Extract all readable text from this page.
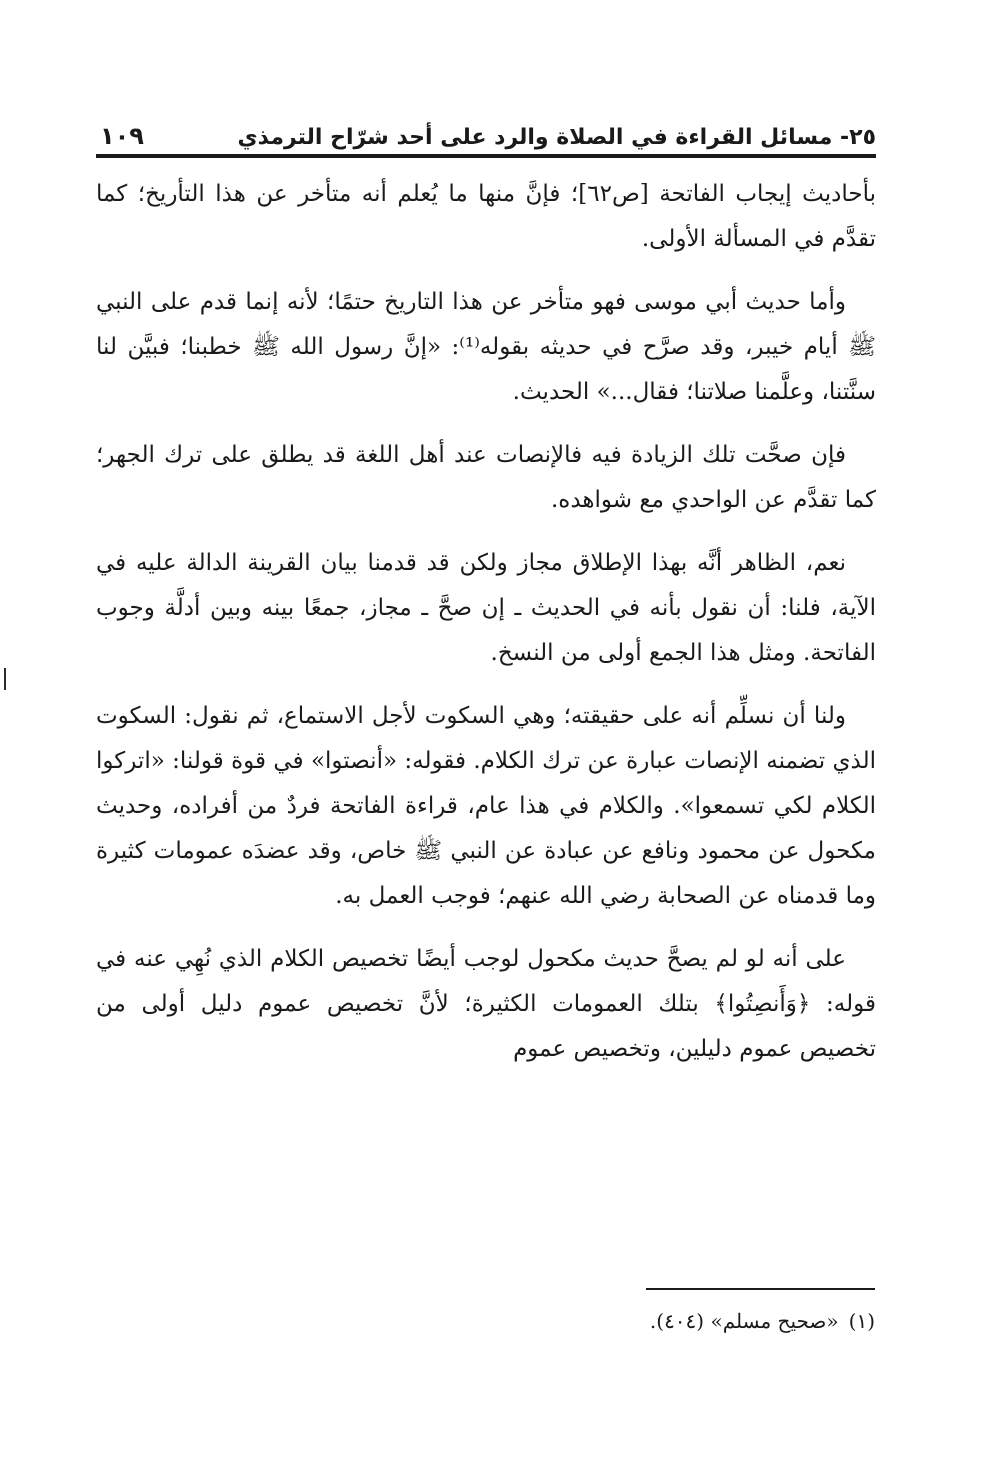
٢٥- مسائل القراءة في الصلاة والرد على أحد شرّاح الترمذي
١٠٩

بأحاديث إيجاب الفاتحة [ص٦٢]؛ فإنَّ منها ما يُعلم أنه متأخر عن هذا التأريخ؛ كما تقدَّم في المسألة الأولى.

وأما حديث أبي موسى فهو متأخر عن هذا التاريخ حتمًا؛ لأنه إنما قدم على النبي ﷺ أيام خيبر، وقد صرَّح في حديثه بقوله⁽¹⁾: «إنَّ رسول الله ﷺ خطبنا؛ فبيَّن لنا سنَّتنا، وعلَّمنا صلاتنا؛ فقال...» الحديث.

فإن صحَّت تلك الزيادة فيه فالإنصات عند أهل اللغة قد يطلق على ترك الجهر؛ كما تقدَّم عن الواحدي مع شواهده.

نعم، الظاهر أنَّه بهذا الإطلاق مجاز ولكن قد قدمنا بيان القرينة الدالة عليه في الآية، فلنا: أن نقول بأنه في الحديث ـ إن صحَّ ـ مجاز، جمعًا بينه وبين أدلَّة وجوب الفاتحة. ومثل هذا الجمع أولى من النسخ.

ولنا أن نسلِّم أنه على حقيقته؛ وهي السكوت لأجل الاستماع، ثم نقول: السكوت الذي تضمنه الإنصات عبارة عن ترك الكلام. فقوله: «أنصتوا» في قوة قولنا: «اتركوا الكلام لكي تسمعوا». والكلام في هذا عام، قراءة الفاتحة فردٌ من أفراده، وحديث مكحول عن محمود ونافع عن عبادة عن النبي ﷺ خاص، وقد عضدَه عمومات كثيرة وما قدمناه عن الصحابة رضي الله عنهم؛ فوجب العمل به.

على أنه لو لم يصحَّ حديث مكحول لوجب أيضًا تخصيص الكلام الذي نُهِي عنه في قوله: ﴿وَأَنصِتُوا﴾ بتلك العمومات الكثيرة؛ لأنَّ تخصيص عموم دليل أولى من تخصيص عموم دليلين، وتخصيص عموم

(١)«صحيح مسلم» (٤٠٤).
